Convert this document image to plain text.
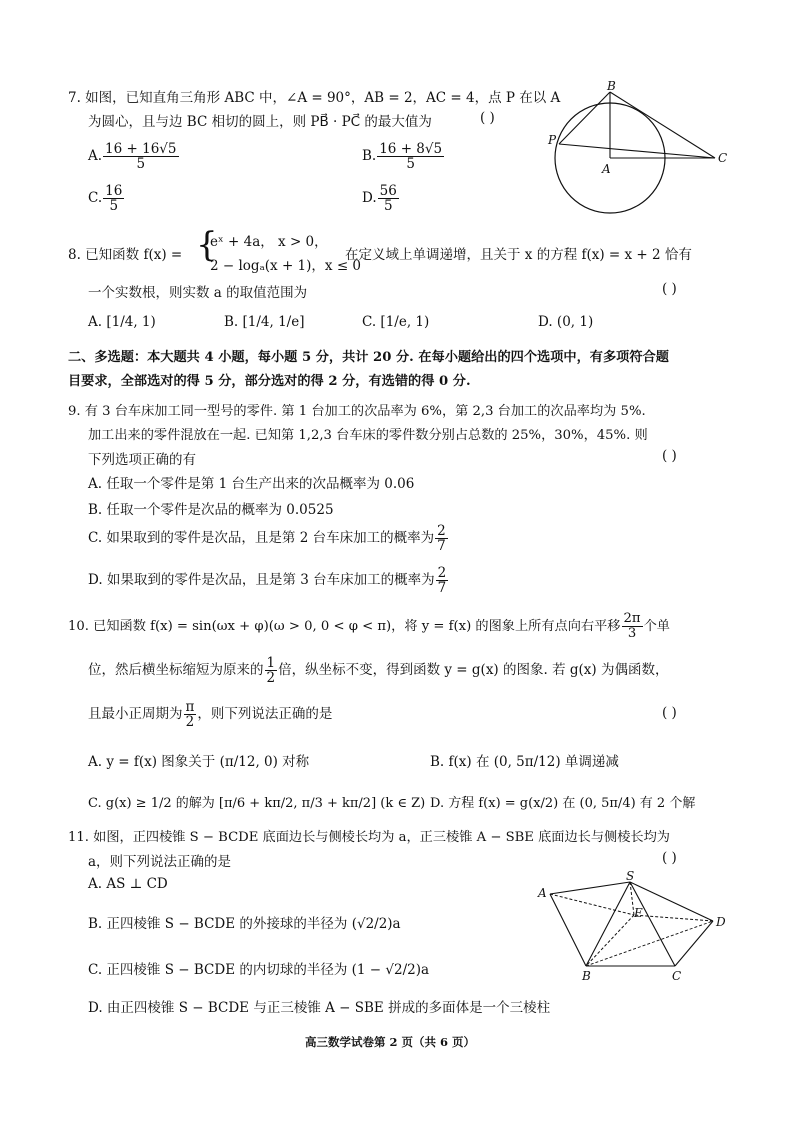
7. 如图，已知直角三角形 ABC 中，∠A = 90°，AB = 2，AC = 4，点 P 在以 A
为圆心，且与边 BC 相切的圆上，则 PB⃗ · PC⃗ 的最大值为	( )
A. $\frac{16 + 16√5}{5}$	B. $\frac{16 + 8√5}{5}$
C. $\frac{16}{5}$	D. $\frac{56}{5}$
B
P
A
C
8. 已知函数 f(x) = {
eˣ + 4a， x > 0，
2 − logₐ(x + 1)，x ≤ 0
在定义域上单调递增，且关于 x 的方程 f(x) = x + 2 恰有
一个实数根，则实数 a 的取值范围为	( )
A. [1/4, 1)	B. [1/4, 1/e]	C. [1/e, 1)	D. (0, 1)
二、多选题：本大题共 4 小题，每小题 5 分，共计 20 分. 在每小题给出的四个选项中，有多项符合题
目要求，全部选对的得 5 分，部分选对的得 2 分，有选错的得 0 分.
9. 有 3 台车床加工同一型号的零件. 第 1 台加工的次品率为 6%，第 2,3 台加工的次品率均为 5%.
加工出来的零件混放在一起. 已知第 1,2,3 台车床的零件数分别占总数的 25%，30%，45%. 则
下列选项正确的有	( )
A. 任取一个零件是第 1 台生产出来的次品概率为 0.06
B. 任取一个零件是次品的概率为 0.0525
C. 如果取到的零件是次品，且是第 2 台车床加工的概率为 $\frac{2}{7}$
D. 如果取到的零件是次品，且是第 3 台车床加工的概率为 $\frac{2}{7}$
10. 已知函数 f(x) = sin(ωx + φ)(ω > 0, 0 < φ < π)，将 y = f(x) 的图象上所有点向右平移 $\frac{2\pi}{3}$ 个单
位，然后横坐标缩短为原来的 $\frac{1}{2}$ 倍，纵坐标不变，得到函数 y = g(x) 的图象. 若 g(x) 为偶函数，
且最小正周期为 $\frac{\pi}{2}$ ，则下列说法正确的是	( )
A. y = f(x) 图象关于 (π/12, 0) 对称	B. f(x) 在 (0, 5π/12) 单调递减
C. g(x) ≥ 1/2 的解为 [π/6 + kπ/2, π/3 + kπ/2] (k ∈ Z) D. 方程 f(x) = g(x/2) 在 (0, 5π/4) 有 2 个解
11. 如图，正四棱锥 S − BCDE 底面边长与侧棱长均为 a，正三棱锥 A − SBE 底面边长与侧棱长均为
a，则下列说法正确的是	( )
A. AS ⊥ CD
B. 正四棱锥 S − BCDE 的外接球的半径为 (√2/2)a
C. 正四棱锥 S − BCDE 的内切球的半径为 (1 − √2/2)a
D. 由正四棱锥 S − BCDE 与正三棱锥 A − SBE 拼成的多面体是一个三棱柱
A
S
E
D
B	C
高三数学试卷第 2 页（共 6 页）
